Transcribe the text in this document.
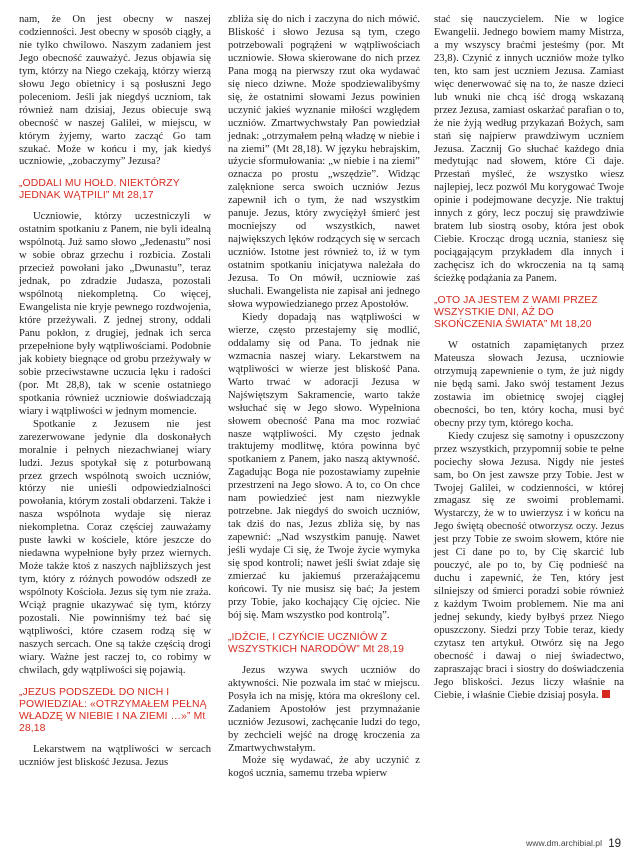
nam, że On jest obecny w naszej codzienności. Jest obecny w sposób ciągły, a nie tylko chwilowo. Naszym zadaniem jest Jego obecność zauważyć. Jezus objawia się tym, którzy na Niego czekają, którzy wierzą słowu Jego obietnicy i są posłuszni Jego poleceniom. Jeśli jak niegdyś uczniom, tak również nam dzisiaj, Jezus obiecuje swą obecność w naszej Galilei, w miejscu, w którym żyjemy, warto zacząć Go tam szukać. Może w końcu i my, jak kiedyś uczniowie, „zobaczymy” Jezusa?

„ODDALI MU HOŁD. NIEKTÓRZY JEDNAK WĄTPILI” Mt 28,17

Uczniowie, którzy uczestniczyli w ostatnim spotkaniu z Panem, nie byli idealną wspólnotą. Już samo słowo „Jedenastu” nosi w sobie obraz grzechu i rozbicia. Zostali przecież powołani jako „Dwunastu”, teraz jednak, po zdradzie Judasza, pozostali wspólnotą niekompletną. Co więcej, Ewangelista nie kryje pewnego rozdwojenia, które przeżywali. Z jednej strony, oddali Panu pokłon, z drugiej, jednak ich serca przepełnione były wątpliwościami. Podobnie jak kobiety biegnące od grobu przeżywały w sobie przeciwstawne uczucia lęku i radości (por. Mt 28,8), tak w scenie ostatniego spotkania również uczniowie doświadczają wiary i wątpliwości w jednym momencie.

Spotkanie z Jezusem nie jest zarezerwowane jedynie dla doskonałych moralnie i pełnych niezachwianej wiary ludzi. Jezus spotykał się z poturbowaną przez grzech wspólnotą swoich uczniów, którzy nie unieśli odpowiedzialności powołania, którym zostali obdarzeni. Także i nasza wspólnota wydaje się nieraz niekompletna. Coraz częściej zauważamy puste ławki w kościele, które jeszcze do niedawna wypełnione były przez wiernych. Może także ktoś z naszych najbliższych jest tym, który z różnych powodów odszedł ze wspólnoty Kościoła. Jezus się tym nie zraża. Wciąż pragnie ukazywać się tym, którzy pozostali. Nie powinniśmy też bać się wątpliwości, które czasem rodzą się w naszych sercach. One są także częścią drogi wiary. Ważne jest raczej to, co robimy w chwilach, gdy wątpliwości się pojawią.

„JEZUS PODSZEDŁ DO NICH I POWIEDZIAŁ: «OTRZYMAŁEM PEŁNĄ WŁADZĘ W NIEBIE I NA ZIEMI …»” Mt 28,18

Lekarstwem na wątpliwości w sercach uczniów jest bliskość Jezusa. Jezus

zbliża się do nich i zaczyna do nich mówić. Bliskość i słowo Jezusa są tym, czego potrzebowali pogrążeni w wątpliwościach uczniowie. Słowa skierowane do nich przez Pana mogą na pierwszy rzut oka wydawać się nieco dziwne. Może spodziewalibyśmy się, że ostatnimi słowami Jezus powinien uczynić jakieś wyznanie miłości względem uczniów. Zmartwychwstały Pan powiedział jednak: „otrzymałem pełną władzę w niebie i na ziemi” (Mt 28,18). W języku hebrajskim, użycie sformułowania: „w niebie i na ziemi” oznacza po prostu „wszędzie”. Widząc zalęknione serca swoich uczniów Jezus zapewnił ich o tym, że nad wszystkim panuje. Jezus, który zwyciężył śmierć jest mocniejszy od wszystkich, nawet największych lęków rodzących się w sercach uczniów. Istotne jest również to, iż w tym ostatnim spotkaniu inicjatywa należała do Jezusa. To On mówił, uczniowie zaś słuchali. Ewangelista nie zapisał ani jednego słowa wypowiedzianego przez Apostołów.

Kiedy dopadają nas wątpliwości w wierze, często przestajemy się modlić, oddalamy się od Pana. To jednak nie wzmacnia naszej wiary. Lekarstwem na wątpliwości w wierze jest bliskość Pana. Warto trwać w adoracji Jezusa w Najświętszym Sakramencie, warto także wsłuchać się w Jego słowo. Wypełniona słowem obecność Pana ma moc rozwiać nasze wątpliwości. My często jednak traktujemy modlitwę, która powinna być spotkaniem z Panem, jako naszą aktywność. Zagadując Boga nie pozostawiamy zupełnie przestrzeni na Jego słowo. A to, co On chce nam powiedzieć jest nam niezwykle potrzebne. Jak niegdyś do swoich uczniów, tak dziś do nas, Jezus zbliża się, by nas zapewnić: „Nad wszystkim panuję. Nawet jeśli wydaje Ci się, że Twoje życie wymyka się spod kontroli; nawet jeśli świat zdaje się zmierzać ku jakiemuś przerażającemu końcowi. Ty nie musisz się bać; Ja jestem przy Tobie, jako kochający Cię ojciec. Nie bój się. Mam wszystko pod kontrolą”.

„IDŹCIE, I CZYŃCIE UCZNIÓW Z WSZYSTKICH NARODÓW” Mt 28,19

Jezus wzywa swych uczniów do aktywności. Nie pozwala im stać w miejscu. Posyła ich na misję, która ma określony cel. Zadaniem Apostołów jest przymnażanie uczniów Jezusowi, zachęcanie ludzi do tego, by zechcieli wejść na drogę kroczenia za Zmartwychwstałym.

Może się wydawać, że aby uczynić z kogoś ucznia, samemu trzeba wpierw

stać się nauczycielem. Nie w logice Ewangelii. Jednego bowiem mamy Mistrza, a my wszyscy braćmi jesteśmy (por. Mt 23,8). Czynić z innych uczniów może tylko ten, kto sam jest uczniem Jezusa. Zamiast więc denerwować się na to, że nasze dzieci lub wnuki nie chcą iść drogą wskazaną przez Jezusa, zamiast oskarżać parafian o to, że nie żyją według przykazań Bożych, sam stań się najpierw prawdziwym uczniem Jezusa. Zacznij Go słuchać każdego dnia medytując nad słowem, które Ci daje. Przestań myśleć, że wszystko wiesz najlepiej, lecz pozwól Mu korygować Twoje opinie i podejmowane decyzje. Nie traktuj innych z góry, lecz poczuj się prawdziwie bratem lub siostrą osoby, która jest obok Ciebie. Krocząc drogą ucznia, staniesz się pociągającym przykładem dla innych i zachęcisz ich do wkroczenia na tą samą ścieżkę podążania za Panem.

„OTO JA JESTEM Z WAMI PRZEZ WSZYSTKIE DNI, AŻ DO SKOŃCZENIA ŚWIATA” Mt 18,20

W ostatnich zapamiętanych przez Mateusza słowach Jezusa, uczniowie otrzymują zapewnienie o tym, że już nigdy nie będą sami. Jako swój testament Jezus zostawia im obietnicę swojej ciągłej obecności, bo ten, który kocha, musi być obecny przy tym, którego kocha.

Kiedy czujesz się samotny i opuszczony przez wszystkich, przypomnij sobie te pełne pociechy słowa Jezusa. Nigdy nie jesteś sam, bo On jest zawsze przy Tobie. Jest w Twojej Galilei, w codzienności, w której zmagasz się ze swoimi problemami. Wystarczy, że w to uwierzysz i w końcu na Jego świętą obecność otworzysz oczy. Jezus jest przy Tobie ze swoim słowem, które nie jest Ci dane po to, by Cię skarcić lub pouczyć, ale po to, by Cię podnieść na duchu i zapewnić, że Ten, który jest silniejszy od śmierci poradzi sobie również z każdym Twoim problemem. Nie ma ani jednej sekundy, kiedy byłbyś przez Niego opuszczony. Siedzi przy Tobie teraz, kiedy czytasz ten artykuł. Otwórz się na Jego obecność i dawaj o niej świadectwo, zapraszając braci i siostry do doświadczenia Jego bliskości. Jezus liczy właśnie na Ciebie, i właśnie Ciebie dzisiaj posyła.

www.dm.archibial.pl 19
